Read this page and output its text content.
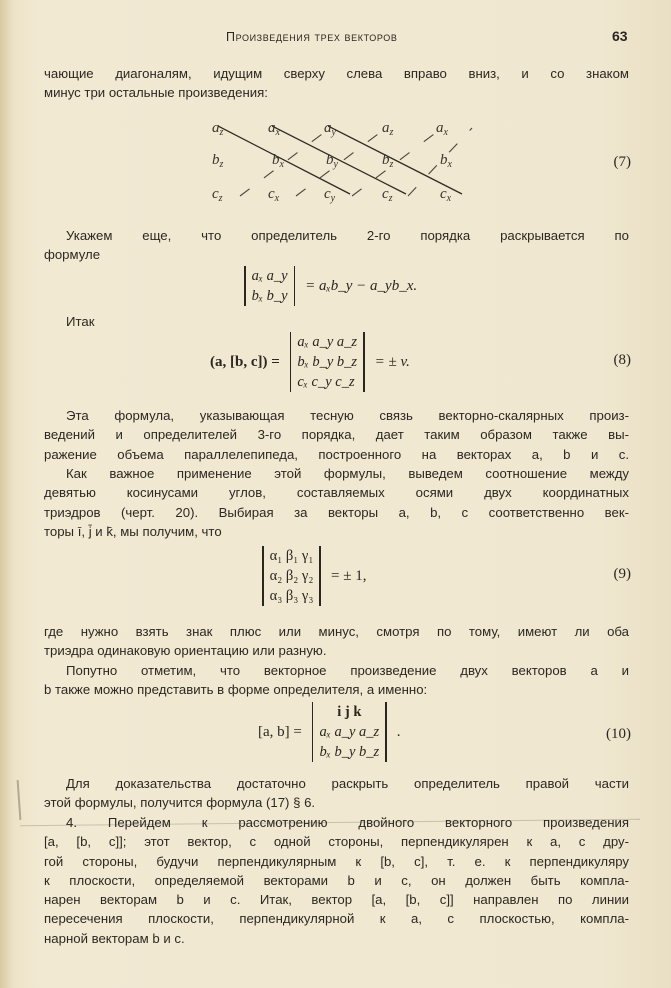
Произведения трех векторов	63
чающие диагоналям, идущим сверху слева вправо вниз, и со знаком
минус три остальные произведения:
$a_z$	$a_x$	$a_y$	$a_z$	$a_x$
$b_z$	$b_x$	$b_y$	$b_z$	$b_x$
$c_z$	$c_x$	$c_y$	$c_z$	$c_x$
(7)
Укажем еще, что определитель 2-го порядка раскрывается по
формуле
aₓ a_y
bₓ b_y
= aₓb_y − a_yb_x.
Итак
(a, [b, c]) =
aₓ a_y a_z
bₓ b_y b_z
cₓ c_y c_z
= ± v.	(8)
Эта формула, указывающая тесную связь векторно-скалярных произ-
ведений и определителей 3-го порядка, дает таким образом также вы-
ражение объема параллелепипеда, построенного на векторах a, b и c.
Как важное применение этой формулы, выведем соотношение между
девятью косинусами углов, составляемых осями двух координатных
триэдров (черт. 20). Выбирая за векторы a, b, c соответственно век-
торы ī, j̄ и k̄, мы получим, что
α₁ β₁ γ₁
α₂ β₂ γ₂
α₃ β₃ γ₃
= ± 1,	(9)
где нужно взять знак плюс или минус, смотря по тому, имеют ли оба
триэдра одинаковую ориентацию или разную.
Попутно отметим, что векторное произведение двух векторов a и
b также можно представить в форме определителя, а именно:
[a, b] =
i j k
aₓ a_y a_z
bₓ b_y b_z
.	(10)
Для доказательства достаточно раскрыть определитель правой части
этой формулы, получится формула (17) § 6.
4. Перейдем к рассмотрению двойного векторного произведения
[a, [b, c]]; этот вектор, с одной стороны, перпендикулярен к a, с дру-
гой стороны, будучи перпендикулярным к [b, c], т. е. к перпендикуляру
к плоскости, определяемой векторами b и c, он должен быть компла-
нарен векторам b и c. Итак, вектор [a, [b, c]] направлен по линии
пересечения плоскости, перпендикулярной к a, с плоскостью, компла-
нарной векторам b и c.
